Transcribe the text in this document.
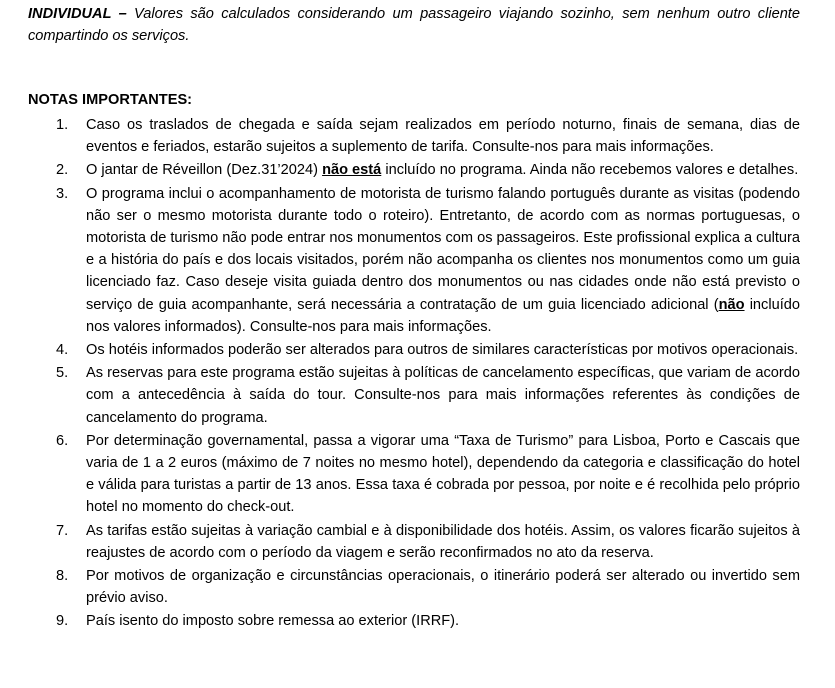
INDIVIDUAL – Valores são calculados considerando um passageiro viajando sozinho, sem nenhum outro cliente compartindo os serviços.

NOTAS IMPORTANTES:
1. Caso os traslados de chegada e saída sejam realizados em período noturno, finais de semana, dias de eventos e feriados, estarão sujeitos a suplemento de tarifa. Consulte-nos para mais informações.
2. O jantar de Réveillon (Dez.31’2024) não está incluído no programa. Ainda não recebemos valores e detalhes.
3. O programa inclui o acompanhamento de motorista de turismo falando português durante as visitas (podendo não ser o mesmo motorista durante todo o roteiro). Entretanto, de acordo com as normas portuguesas, o motorista de turismo não pode entrar nos monumentos com os passageiros. Este profissional explica a cultura e a história do país e dos locais visitados, porém não acompanha os clientes nos monumentos como um guia licenciado faz. Caso deseje visita guiada dentro dos monumentos ou nas cidades onde não está previsto o serviço de guia acompanhante, será necessária a contratação de um guia licenciado adicional (não incluído nos valores informados). Consulte-nos para mais informações.
4. Os hotéis informados poderão ser alterados para outros de similares características por motivos operacionais.
5. As reservas para este programa estão sujeitas à políticas de cancelamento específicas, que variam de acordo com a antecedência à saída do tour. Consulte-nos para mais informações referentes às condições de cancelamento do programa.
6. Por determinação governamental, passa a vigorar uma “Taxa de Turismo” para Lisboa, Porto e Cascais que varia de 1 a 2 euros (máximo de 7 noites no mesmo hotel), dependendo da categoria e classificação do hotel e válida para turistas a partir de 13 anos. Essa taxa é cobrada por pessoa, por noite e é recolhida pelo próprio hotel no momento do check-out.
7. As tarifas estão sujeitas à variação cambial e à disponibilidade dos hotéis. Assim, os valores ficarão sujeitos à reajustes de acordo com o período da viagem e serão reconfirmados no ato da reserva.
8. Por motivos de organização e circunstâncias operacionais, o itinerário poderá ser alterado ou invertido sem prévio aviso.
9. País isento do imposto sobre remessa ao exterior (IRRF).
